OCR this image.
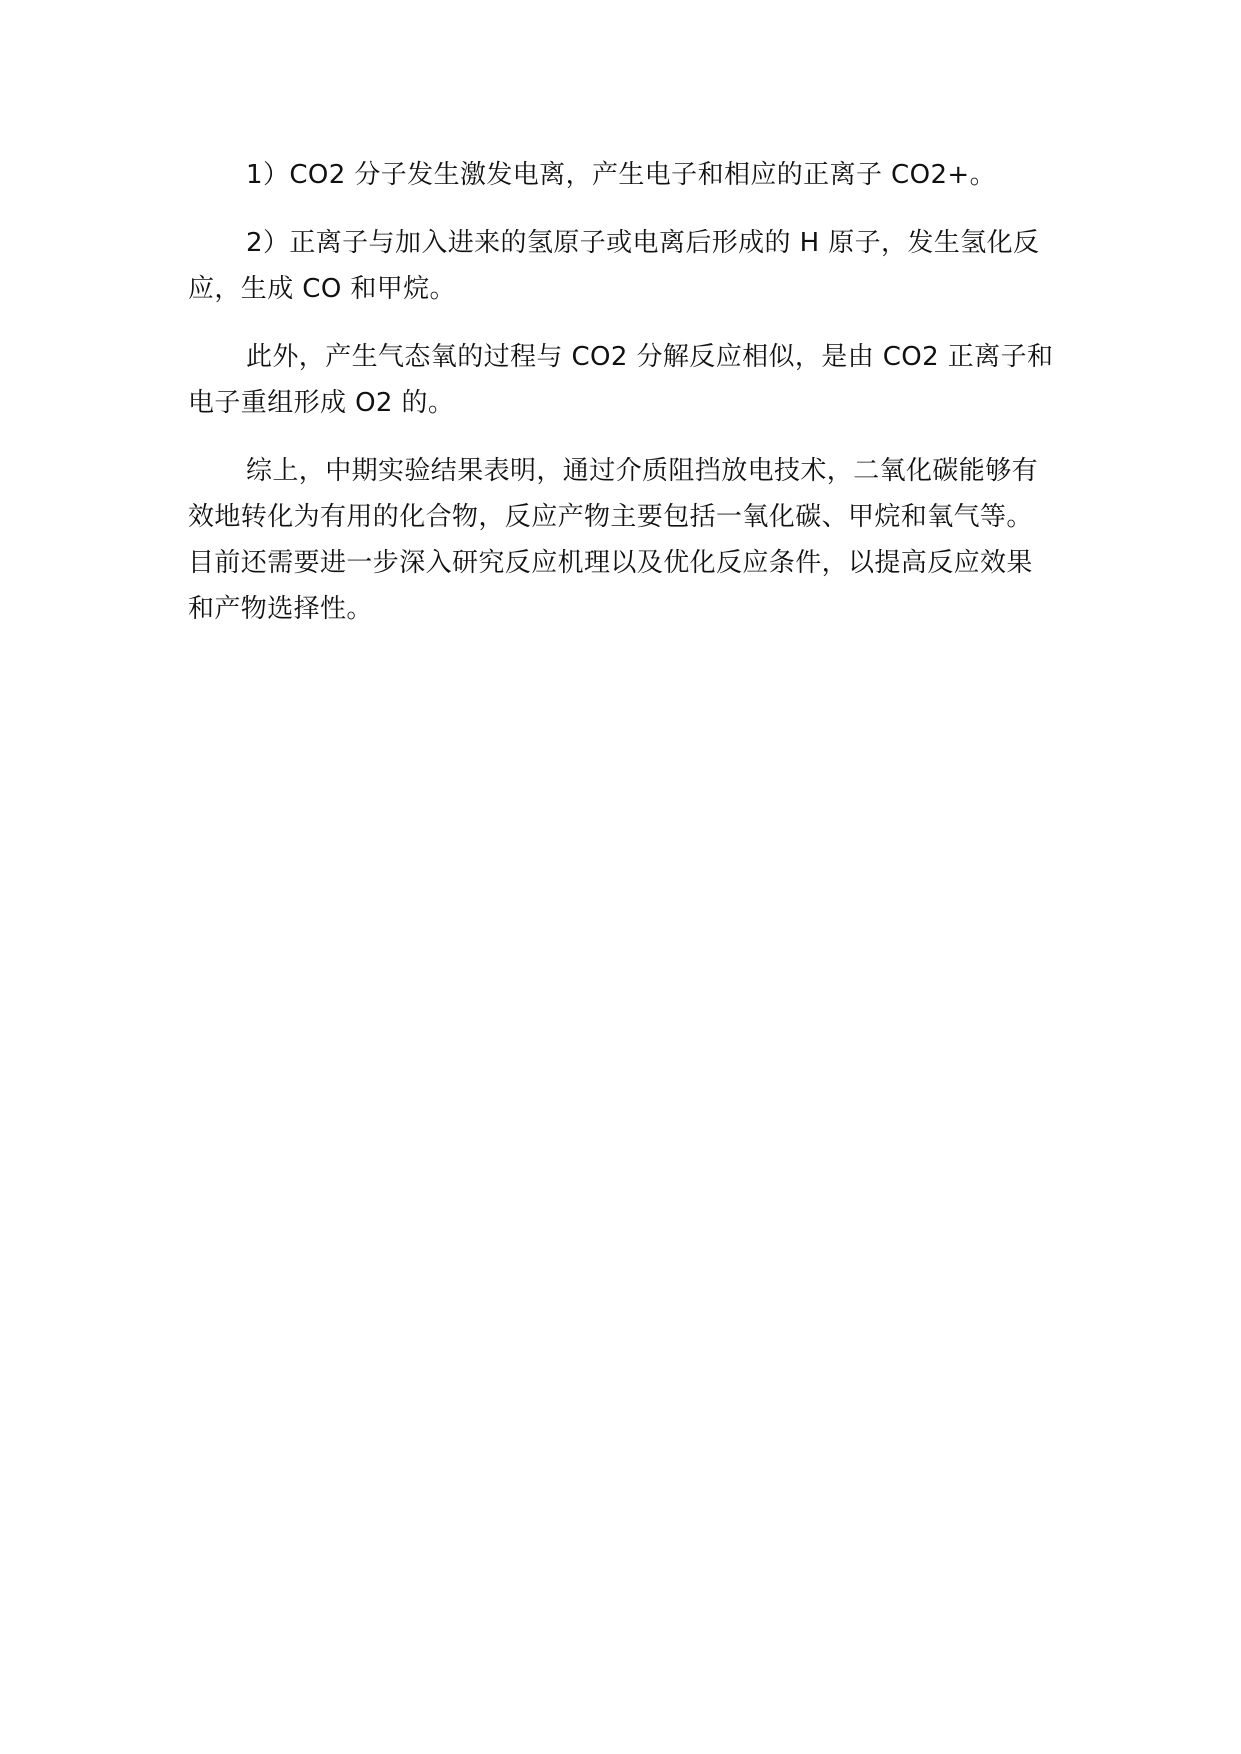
1）CO2 分子发生激发电离，产生电子和相应的正离子 CO2+。

2）正离子与加入进来的氢原子或电离后形成的 H 原子，发生氢化反应，生成 CO 和甲烷。

此外，产生气态氧的过程与 CO2 分解反应相似，是由 CO2 正离子和电子重组形成 O2 的。

综上，中期实验结果表明，通过介质阻挡放电技术，二氧化碳能够有效地转化为有用的化合物，反应产物主要包括一氧化碳、甲烷和氧气等。目前还需要进一步深入研究反应机理以及优化反应条件，以提高反应效果和产物选择性。
